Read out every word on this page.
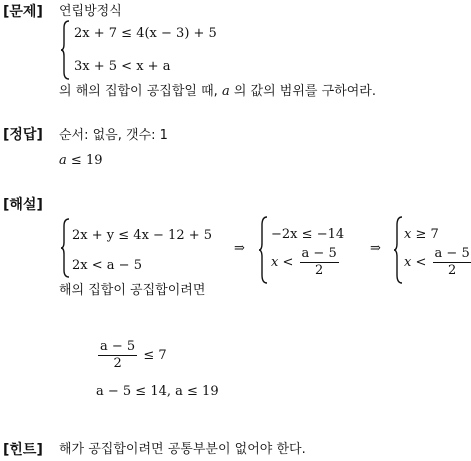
[문제] 연립방정식
2x + 7 ≤ 4(x − 3) + 5
3x + 5 < x + a
의 해의 집합이 공집합일 때, a 의 값의 범위를 구하여라.
[정답] 순서: 없음, 갯수: 1
a ≤ 19
[해설]
2x + y ≤ 4x − 12 + 5
2x < a − 5
⇒
−2x ≤ −14
$x < \frac{a - 5}{2}$ ⇒
x ≥ 7
$x < \frac{a - 5}{2}$
해의 집합이 공집합이려면
$\frac{a - 5}{2} \le 7$
a − 5 ≤ 14, a ≤ 19
[힌트] 해가 공집합이려면 공통부분이 없어야 한다.
